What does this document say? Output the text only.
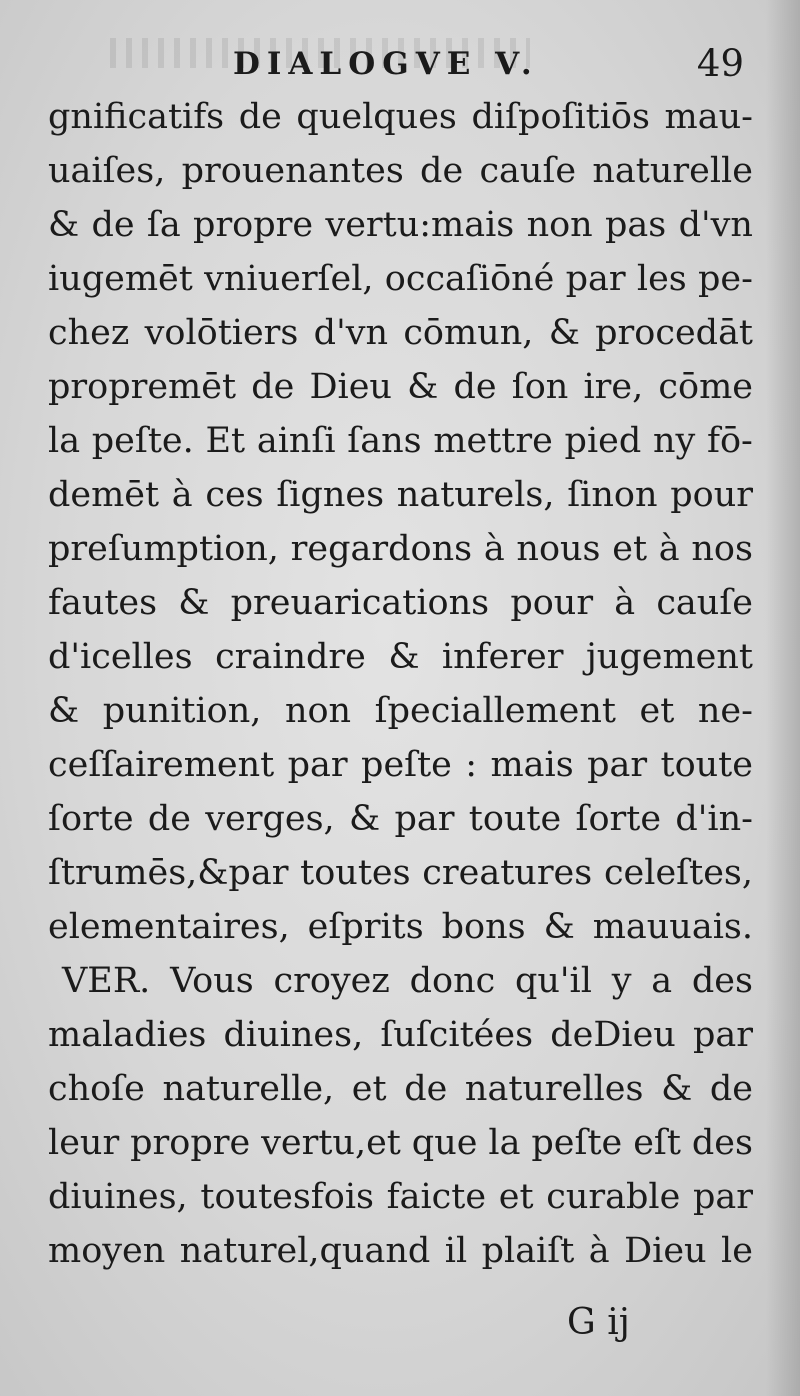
DIALOGVE V.	49
gnificatifs de quelques diſpoſitiōs mau-
uaiſes, prouenantes de cauſe naturelle
& de ſa propre vertu:mais non pas d'vn
iugemēt vniuerſel, occaſiōné par les pe-
chez volōtiers d'vn cōmun, & procedāt
propremēt de Dieu & de ſon ire, cōme
la peſte. Et ainſi ſans mettre pied ny fō-
demēt à ces ſignes naturels, ſinon pour
preſumption, regardons à nous et à nos
fautes & preuarications pour à cauſe
d'icelles craindre & inferer jugement
& punition, non ſpeciallement et ne-
ceſſairement par peſte : mais par toute
ſorte de verges, & par toute ſorte d'in-
ſtrumēs,&par toutes creatures celeſtes,
elementaires, eſprits bons & mauuais.
VER. Vous croyez donc qu'il y a des
maladies diuines, ſuſcitées deDieu par
choſe naturelle, et de naturelles & de
leur propre vertu,et que la peſte eſt des
diuines, toutesfois faicte et curable par
moyen naturel,quand il plaiſt à Dieu le
G ij
